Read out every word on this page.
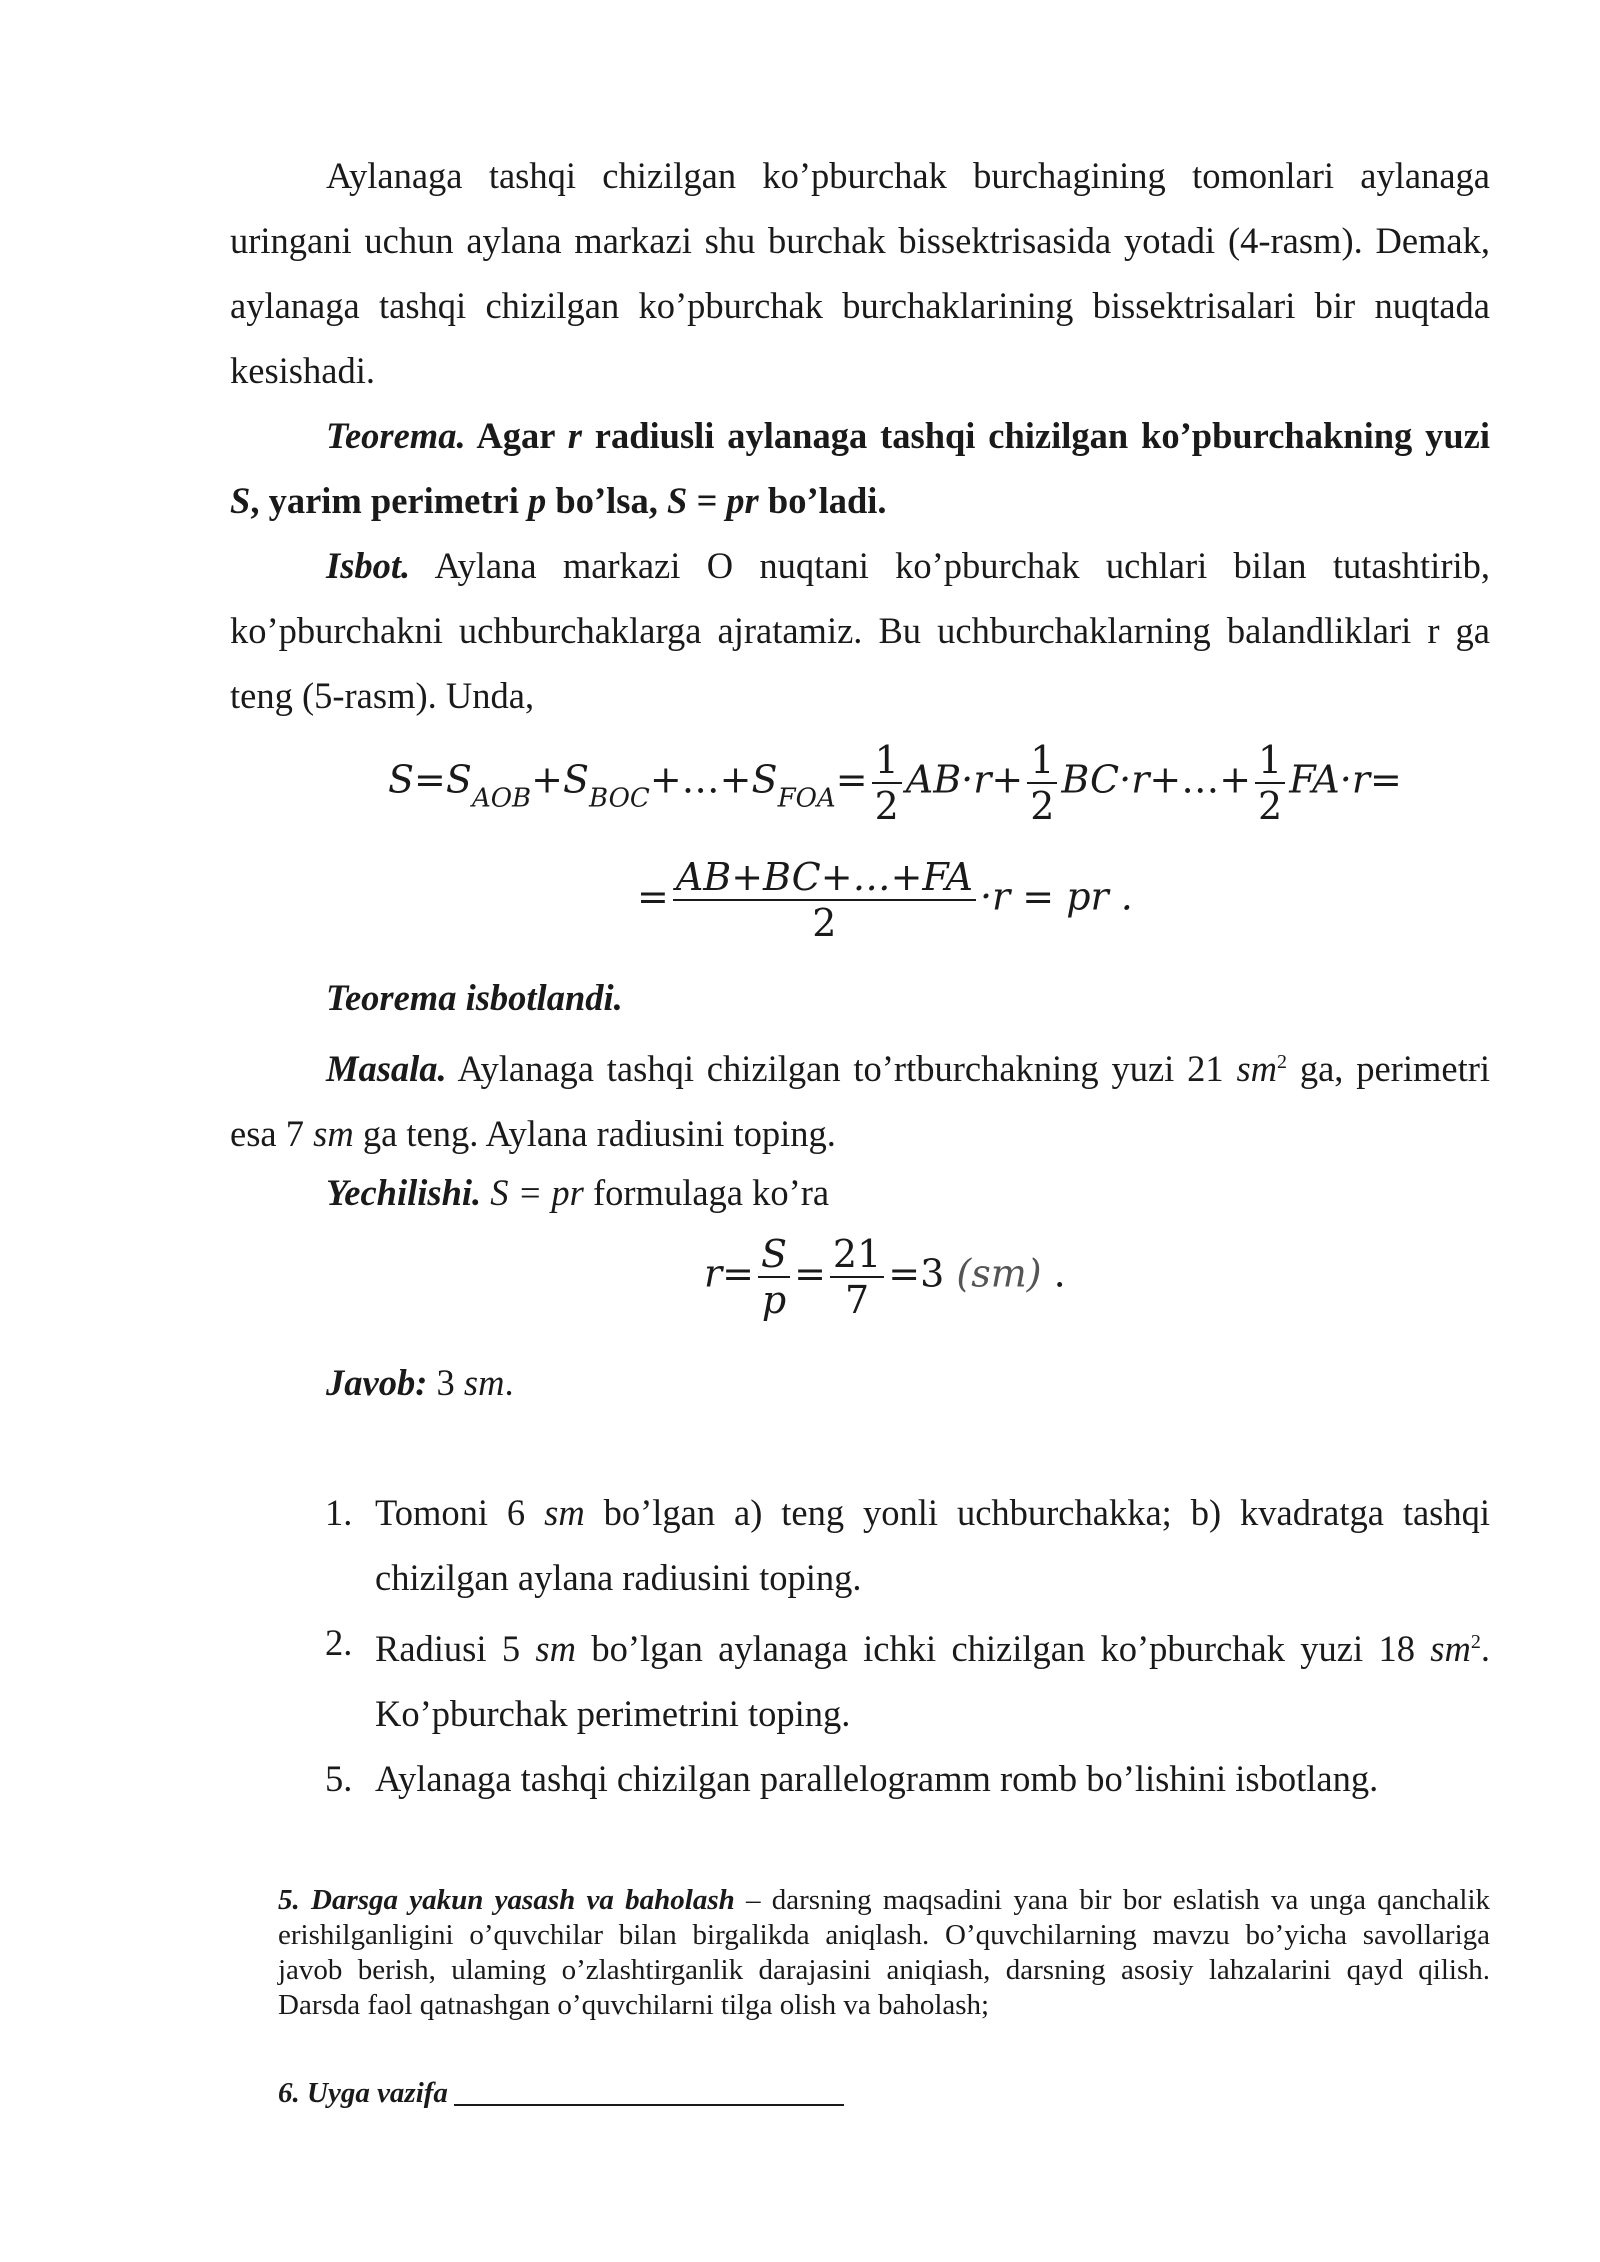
Aylanaga tashqi chizilgan ko’pburchak burchagining tomonlari aylanaga uringani uchun aylana markazi shu burchak bissektrisasida yotadi (4-rasm). Demak, aylanaga tashqi chizilgan ko’pburchak burchaklarining bissektrisalari bir nuqtada kesishadi.

Teorema. Agar r radiusli aylanaga tashqi chizilgan ko’pburchakning yuzi S, yarim perimetri p bo’lsa, S = pr bo’ladi.

Isbot. Aylana markazi O nuqtani ko’pburchak uchlari bilan tutashtirib, ko’pburchakni uchburchaklarga ajratamiz. Bu uchburchaklarning balandliklari r ga teng (5-rasm). Unda,

$S=S_{AOB}+S_{BOC}+\dots+S_{FOA}= \frac{1}{2} AB\cdot r+ \frac{1}{2}$ BC·r+…+ $\frac{1}{2} FA\cdot r=$
= $\frac{AB+BC+\dots+FA}{2} \cdot r$ = pr .

Teorema isbotlandi.

Masala. Aylanaga tashqi chizilgan to’rtburchakning yuzi 21 $sm^2$ ga, perimetri esa 7 sm ga teng. Aylana radiusini toping.

Yechilishi. S = pr formulaga ko’ra

$r= \frac{S}{p} = \frac{21}{7} =3$ (sm) .

Javob: 3 sm.

1. Tomoni 6 sm bo’lgan a) teng yonli uchburchakka; b) kvadratga tashqi chizilgan aylana radiusini toping.
2. Radiusi 5 sm bo’lgan aylanaga ichki chizilgan ko’pburchak yuzi 18 $sm^2$. Ko’pburchak perimetrini toping.
5. Aylanaga tashqi chizilgan parallelogramm romb bo’lishini isbotlang.

5. Darsga yakun yasash va baholash – darsning maqsadini yana bir bor eslatish va unga qanchalik erishilganligini o’quvchilar bilan birgalikda aniqlash. O’quvchilarning mavzu bo’yicha savollariga javob berish, ulaming o’zlashtirganlik darajasini aniqiash, darsning asosiy lahzalarini qayd qilish. Darsda faol qatnashgan o’quvchilarni tilga olish va baholash;

6. Uyga vazifa
